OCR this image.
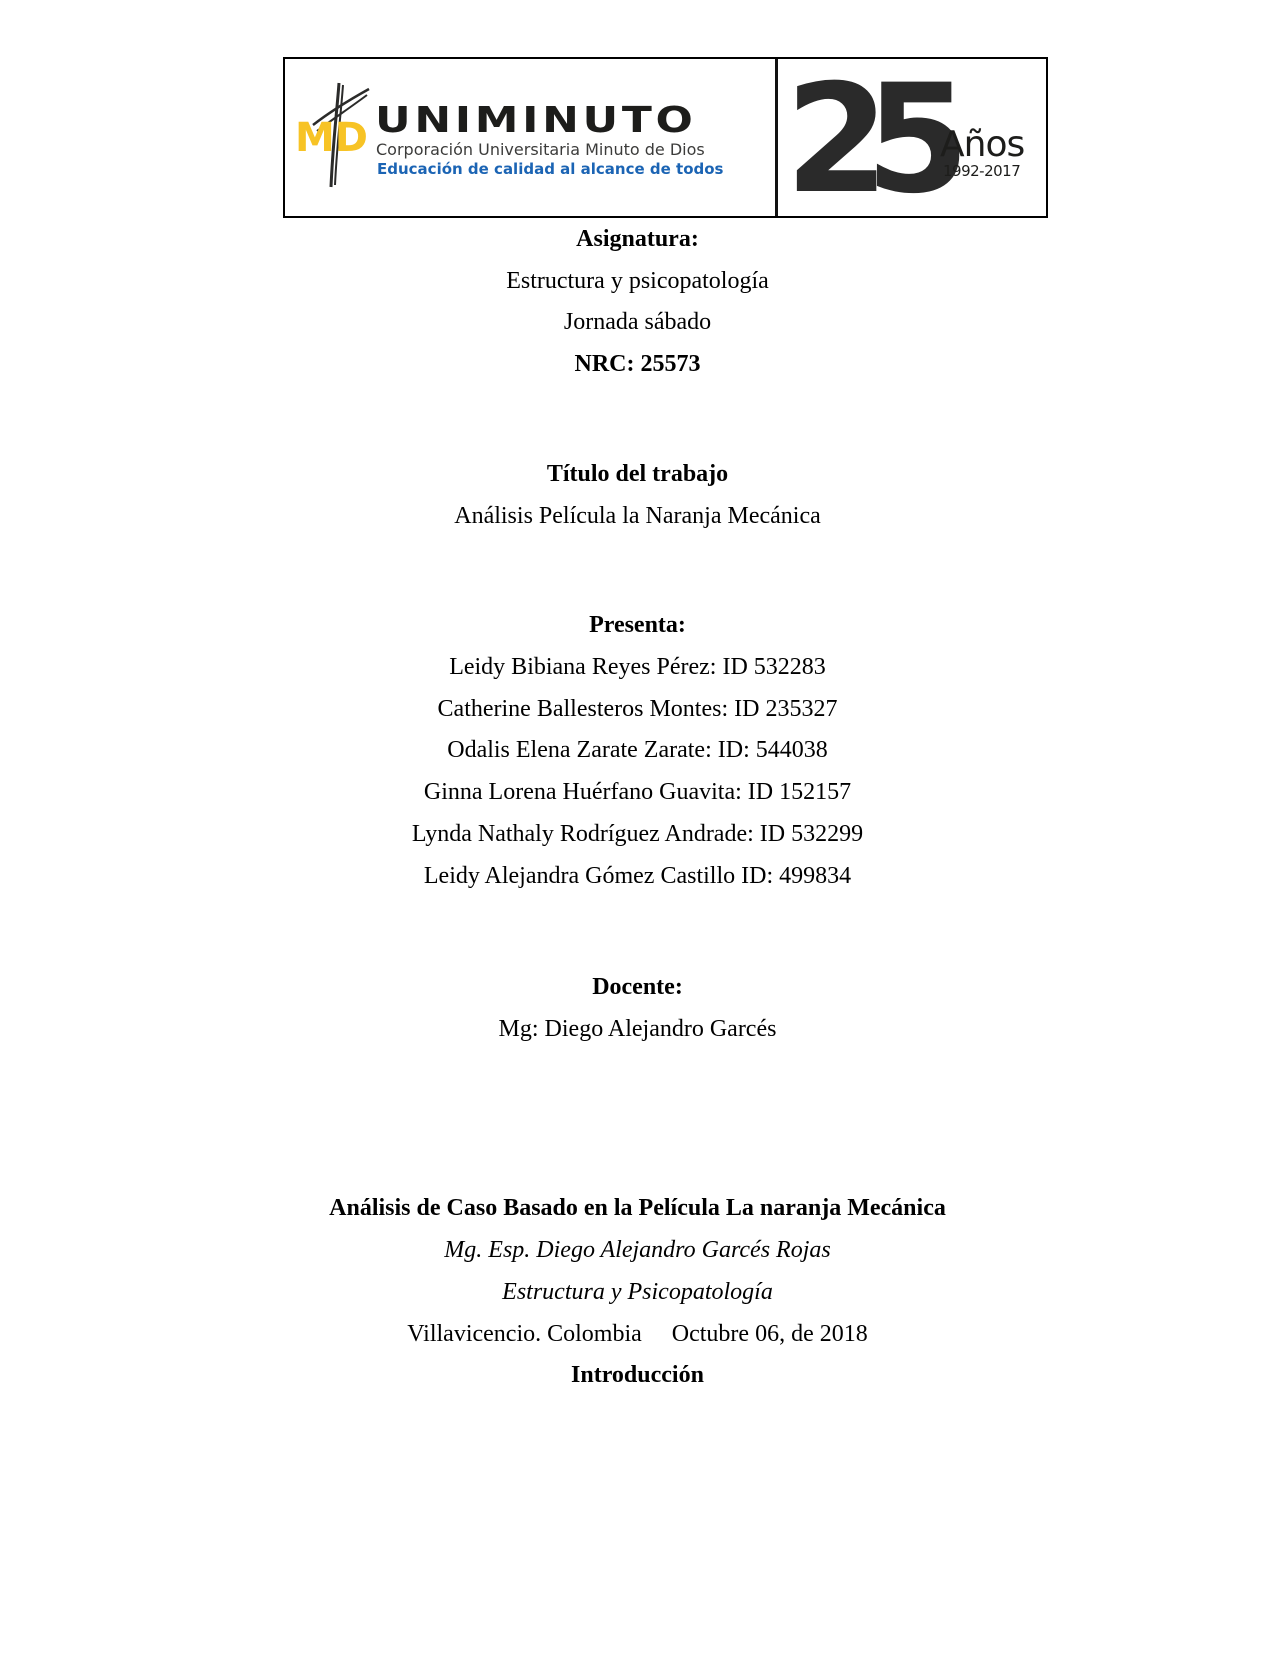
MD UNIMINUTO
Corporación Universitaria Minuto de Dios
Educación de calidad al alcance de todos 25
Años
1992-2017
Asignatura:
Estructura y psicopatología
Jornada sábado
NRC: 25573
Título del trabajo
Análisis Película la Naranja Mecánica
Presenta:
Leidy Bibiana Reyes Pérez: ID 532283
Catherine Ballesteros Montes: ID 235327
Odalis Elena Zarate Zarate: ID: 544038
Ginna Lorena Huérfano Guavita: ID 152157
Lynda Nathaly Rodríguez Andrade: ID 532299
Leidy Alejandra Gómez Castillo ID: 499834
Docente:
Mg: Diego Alejandro Garcés
Análisis de Caso Basado en la Película La naranja Mecánica
Mg. Esp. Diego Alejandro Garcés Rojas
Estructura y Psicopatología
Villavicencio. Colombia Octubre 06, de 2018
Introducción
